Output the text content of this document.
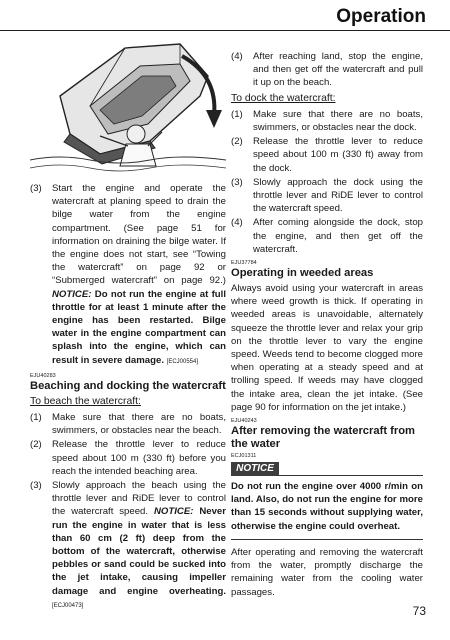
Operation
(3)	Start the engine and operate the watercraft at planing speed to drain the bilge water from the engine compartment. (See page 51 for information on draining the bilge water. If the engine does not start, see “Towing the watercraft” on page 92 or “Submerged watercraft” on page 92.) NOTICE: Do not run the engine at full throttle for at least 1 minute after the engine has been restarted. Bilge water in the engine compartment can splash into the engine, which can result in severe damage. [ECJ00554]
EJU40283
Beaching and docking the watercraft
To beach the watercraft:
(1)	Make sure that there are no boats, swimmers, or obstacles near the beach.
(2)	Release the throttle lever to reduce speed about 100 m (330 ft) before you reach the intended beaching area.
(3)	Slowly approach the beach using the throttle lever and RiDE lever to control the watercraft speed. NOTICE: Never run the engine in water that is less than 60 cm (2 ft) deep from the bottom of the watercraft, otherwise pebbles or sand could be sucked into the jet intake, causing impeller damage and engine overheating. [ECJ00473]
(4)	After reaching land, stop the engine, and then get off the watercraft and pull it up on the beach.
To dock the watercraft:
(1)	Make sure that there are no boats, swimmers, or obstacles near the dock.
(2)	Release the throttle lever to reduce speed about 100 m (330 ft) away from the dock.
(3)	Slowly approach the dock using the throttle lever and RiDE lever to control the watercraft speed.
(4)	After coming alongside the dock, stop the engine, and then get off the watercraft.
EJU37784
Operating in weeded areas

Always avoid using your watercraft in areas where weed growth is thick. If operating in weeded areas is unavoidable, alternately squeeze the throttle lever and relax your grip on the throttle lever to vary the engine speed. Weeds tend to become clogged more when operating at a steady speed and at trolling speed. If weeds may have clogged the intake area, clean the jet intake. (See page 90 for information on the jet intake.)

EJU40243
After removing the watercraft from the water
ECJ01311
NOTICE

Do not run the engine over 4000 r/min on land. Also, do not run the engine for more than 15 seconds without supplying water, otherwise the engine could overheat.

After operating and removing the watercraft from the water, promptly discharge the remaining water from the cooling water passages.

73
